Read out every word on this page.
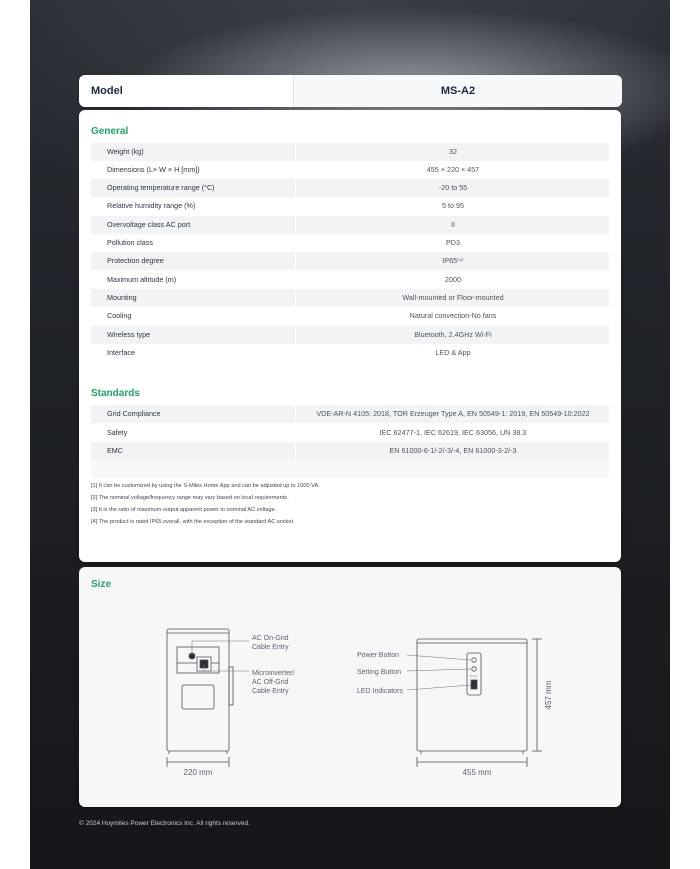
Model	MS-A2
General
Weight (kg)	32
Dimensions (L× W × H [mm])	455 × 220 × 457
Operating temperature range (°C)	-20 to 55
Relative humidity range (%)	5 to 95
Overvoltage class AC port	II
Pollution class	PD3
Protection degree	IP65⁽⁴⁾
Maximum altitude (m)	2000
Mounting	Wall-mounted or Floor-mounted
Cooling	Natural convection-No fans
Wireless type	Bluetooth, 2.4GHz Wi-Fi
Interface	LED & App
Standards
Grid Compliance	VDE-AR-N 4105: 2018, TOR Erzeuger Type A, EN 50549-1: 2019, EN 50549-10:2022
Safety	IEC 62477-1, IEC 62619, IEC 63056, UN 38.3
EMC	EN 61000-6-1/-2/-3/-4, EN 61000-3-2/-3
[1] It can be customized by using the S-Miles Home App and can be adjusted up to 1000 VA.
[2] The nominal voltage/frequency range may vary based on local requirements.
[3] It is the ratio of maximum output apparent power to nominal AC voltage.
[4] The product is rated IP65 overall, with the exception of the standard AC socket.
Size
AC On-Grid
Cable Entry
Microinverter/
AC Off-Grid
Cable Entry
220 mm
Power Button
Setting Button
LED Indicators
455 mm
457 mm
© 2024 Hoymiles Power Electronics Inc. All rights reserved.
